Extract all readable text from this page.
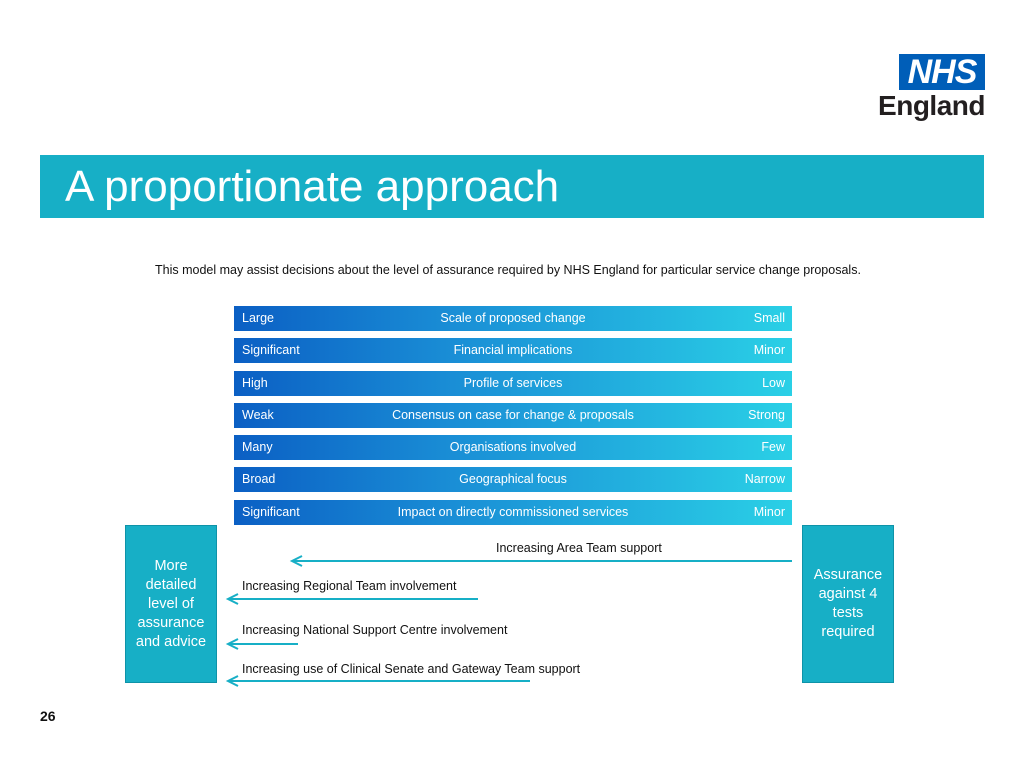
NHS
England
A proportionate approach
This model may assist decisions about the level of assurance required by NHS England for particular service change proposals.
Large	Scale of proposed change	Small
Significant	Financial implications	Minor
High	Profile of services	Low
Weak	Consensus on case for change & proposals	Strong
Many	Organisations involved	Few
Broad	Geographical focus	Narrow
Significant	Impact on directly commissioned services	Minor
More
detailed
level of
assurance
and advice
Assurance
against 4
tests
required
Increasing Area Team support
Increasing Regional Team involvement
Increasing National Support Centre involvement
Increasing use of Clinical Senate and Gateway Team support
26
